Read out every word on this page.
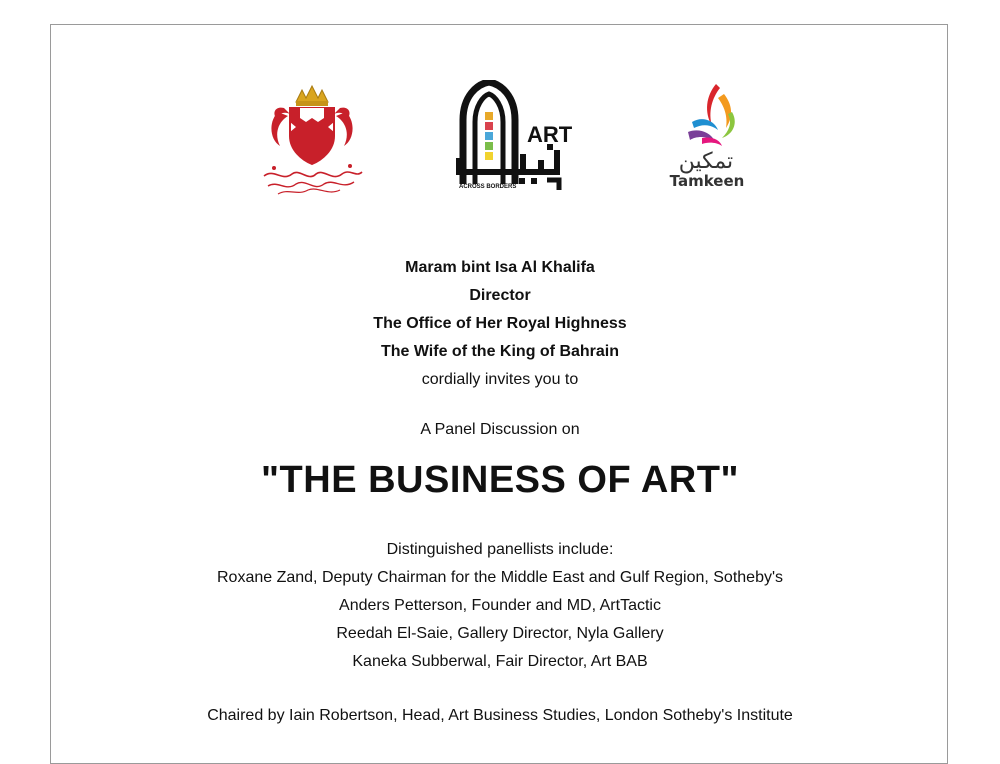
ART
ACROSS BORDERS
تمكين
Tamkeen
Maram bint Isa Al Khalifa
Director
The Office of Her Royal Highness
The Wife of the King of Bahrain
cordially invites you to
A Panel Discussion on
"THE BUSINESS OF ART"
Distinguished panellists include:
Roxane Zand, Deputy Chairman for the Middle East and Gulf Region, Sotheby's
Anders Petterson, Founder and MD, ArtTactic
Reedah El-Saie, Gallery Director, Nyla Gallery
Kaneka Subberwal, Fair Director, Art BAB
Chaired by Iain Robertson, Head, Art Business Studies, London Sotheby's Institute
